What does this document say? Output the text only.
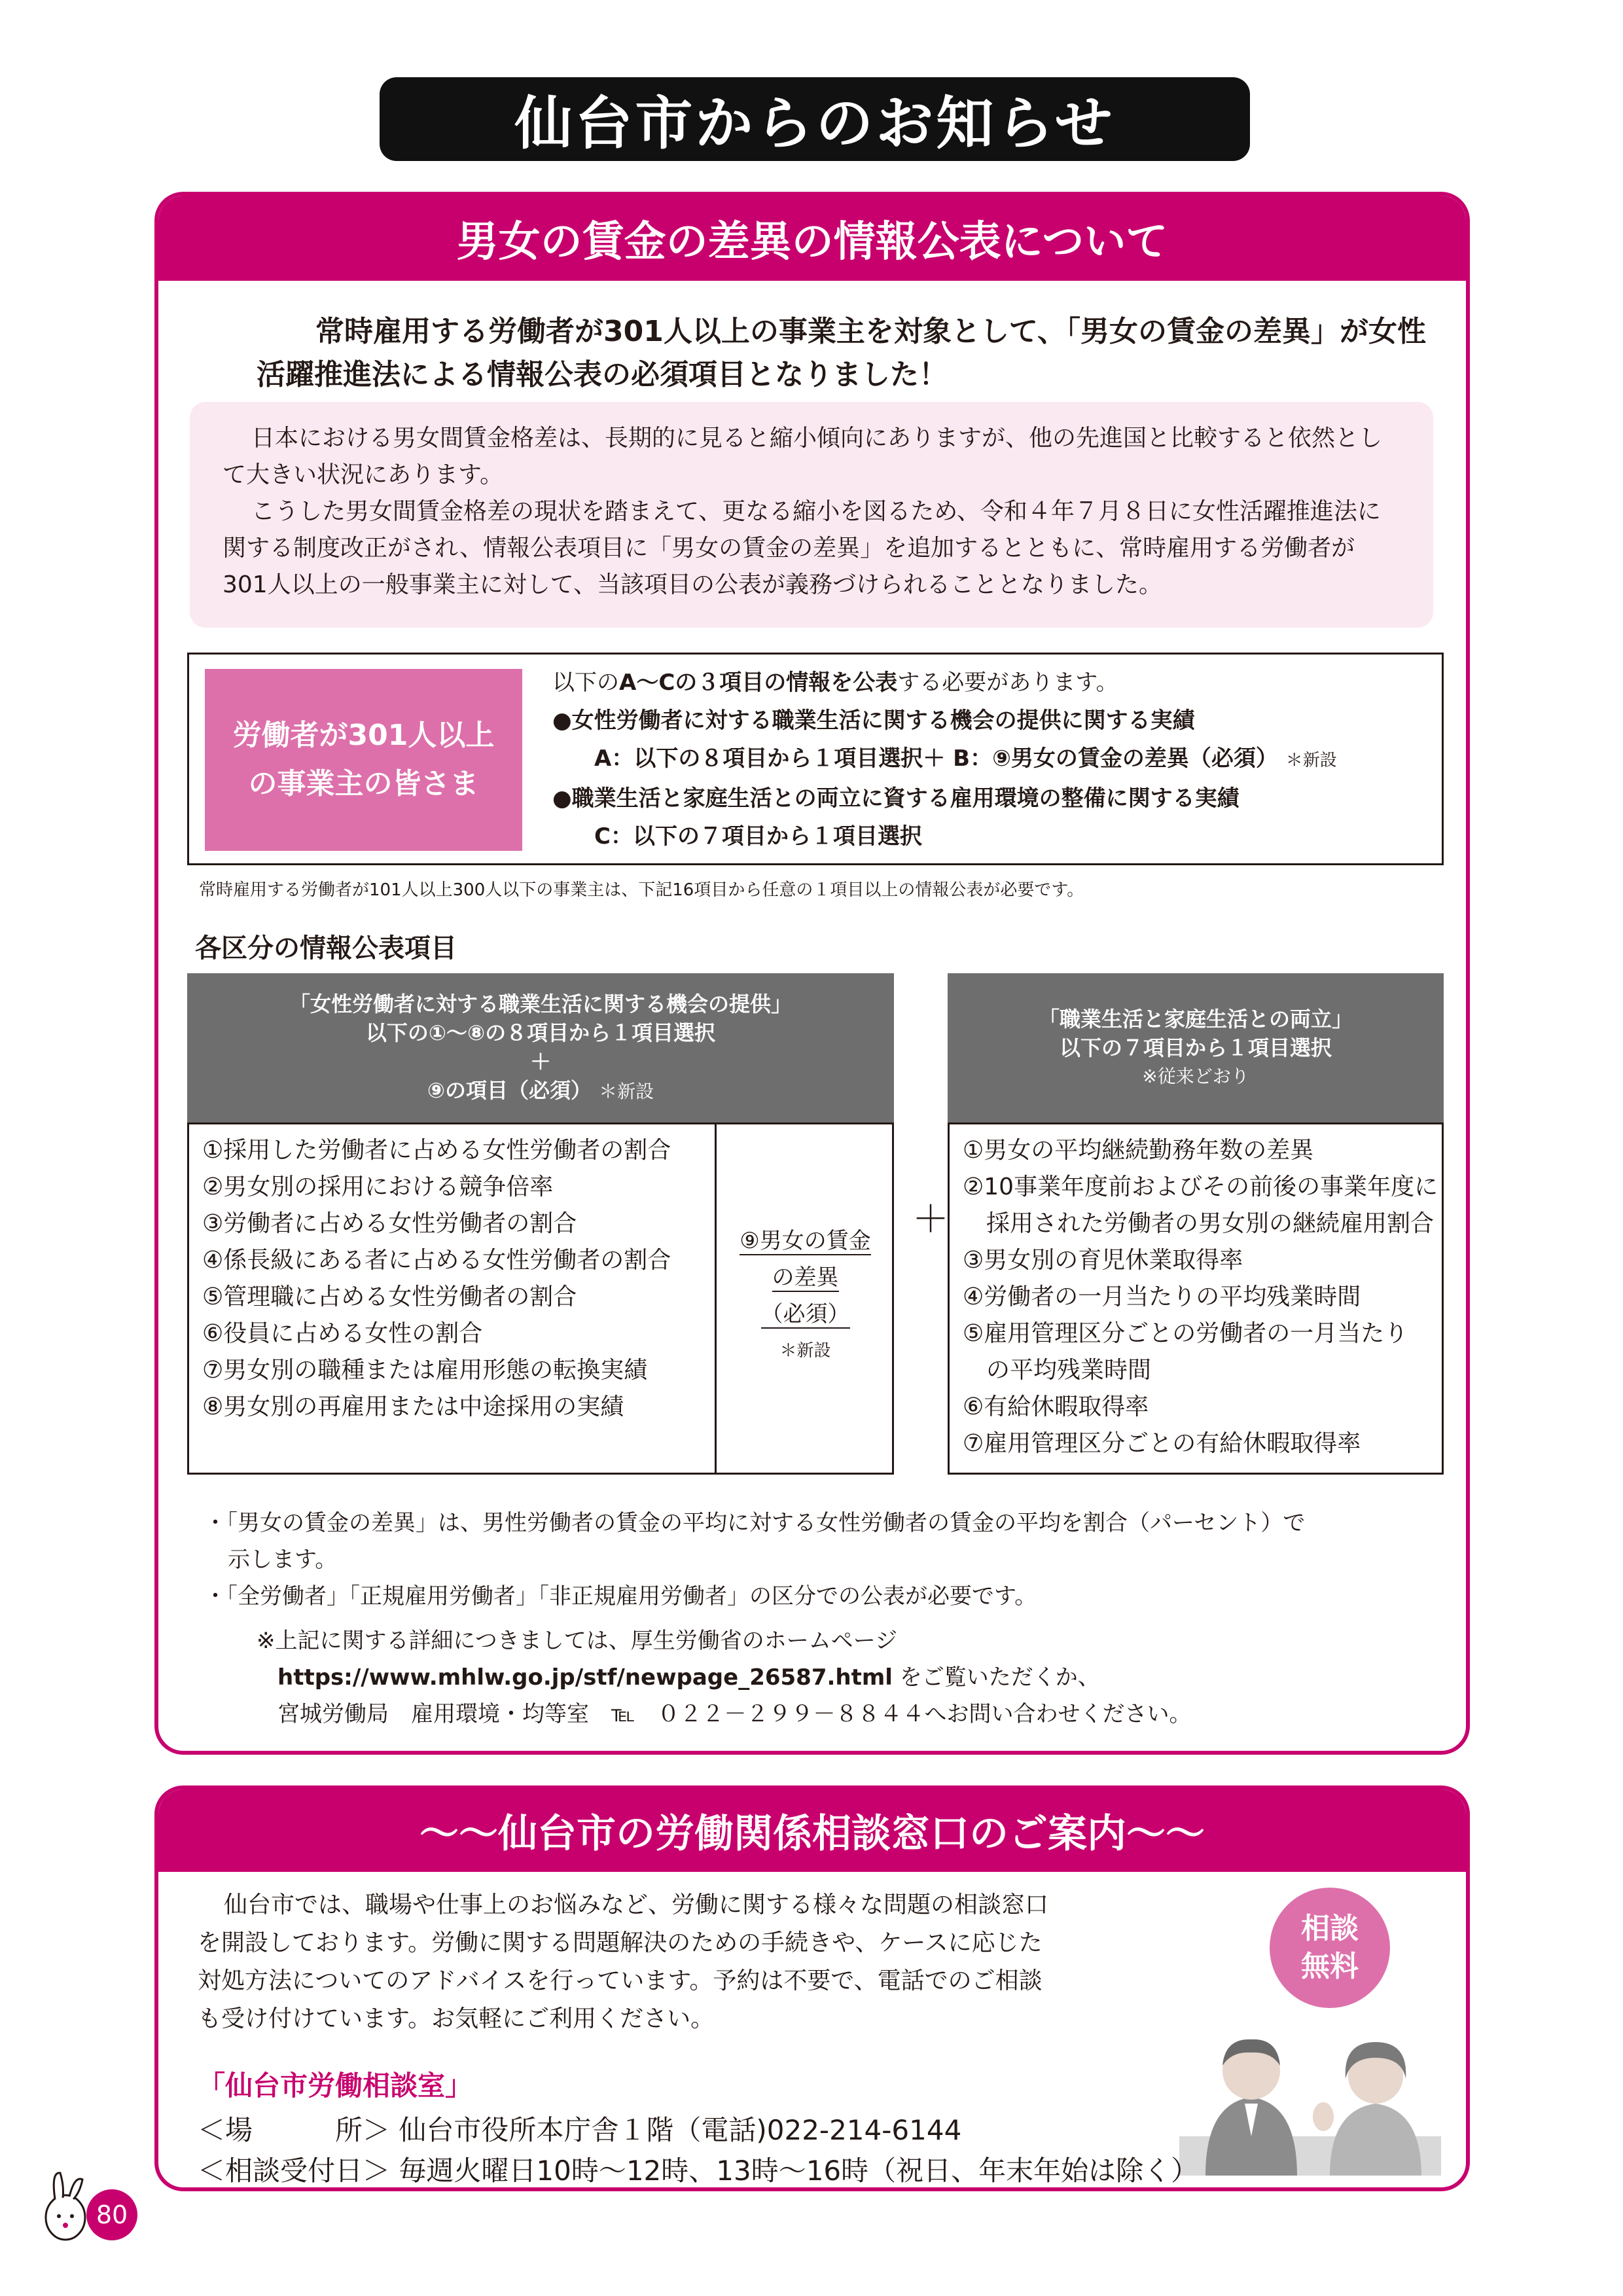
仙台市からのお知らせ
男女の賃金の差異の情報公表について
常時雇用する労働者が301人以上の事業主を対象として、「男女の賃金の差異」が女性活躍推進法による情報公表の必須項目となりました！

日本における男女間賃金格差は、長期的に見ると縮小傾向にありますが、他の先進国と比較すると依然として大きい状況にあります。

こうした男女間賃金格差の現状を踏まえて、更なる縮小を図るため、令和４年７月８日に女性活躍推進法に関する制度改正がされ、情報公表項目に「男女の賃金の差異」を追加するとともに、常時雇用する労働者が301人以上の一般事業主に対して、当該項目の公表が義務づけられることとなりました。

労働者が301人以上
の事業主の皆さま
以下のA～Cの３項目の情報を公表する必要があります。
●女性労働者に対する職業生活に関する機会の提供に関する実績
A：以下の８項目から１項目選択＋ B：⑨男女の賃金の差異（必須） ＊新設
●職業生活と家庭生活との両立に資する雇用環境の整備に関する実績
C：以下の７項目から１項目選択
常時雇用する労働者が101人以上300人以下の事業主は、下記16項目から任意の１項目以上の情報公表が必要です。
各区分の情報公表項目
「女性労働者に対する職業生活に関する機会の提供」
以下の①～⑧の８項目から１項目選択
＋
⑨の項目（必須） ＊新設
①採用した労働者に占める女性労働者の割合
②男女別の採用における競争倍率
③労働者に占める女性労働者の割合
④係長級にある者に占める女性労働者の割合
⑤管理職に占める女性労働者の割合
⑥役員に占める女性の割合
⑦男女別の職種または雇用形態の転換実績
⑧男女別の再雇用または中途採用の実績
⑨男女の賃金
の差異
（必須）
＊新設
＋
「職業生活と家庭生活との両立」
以下の７項目から１項目選択
※従来どおり
①男女の平均継続勤務年数の差異
②10事業年度前およびその前後の事業年度に
　採用された労働者の男女別の継続雇用割合
③男女別の育児休業取得率
④労働者の一月当たりの平均残業時間
⑤雇用管理区分ごとの労働者の一月当たり
　の平均残業時間
⑥有給休暇取得率
⑦雇用管理区分ごとの有給休暇取得率
・「男女の賃金の差異」は、男性労働者の賃金の平均に対する女性労働者の賃金の平均を割合（パーセント）で
示します。
・「全労働者」「正規雇用労働者」「非正規雇用労働者」の区分での公表が必要です。
※上記に関する詳細につきましては、厚生労働省のホームページ
https://www.mhlw.go.jp/stf/newpage_26587.html をご覧いただくか、
宮城労働局　雇用環境・均等室　℡　０２２－２９９－８８４４へお問い合わせください。
～～仙台市の労働関係相談窓口のご案内～～
仙台市では、職場や仕事上のお悩みなど、労働に関する様々な問題の相談窓口
を開設しております。労働に関する問題解決のための手続きや、ケースに応じた
対処方法についてのアドバイスを行っています。予約は不要で、電話でのご相談
も受け付けています。お気軽にご利用ください。
相談
無料
「仙台市労働相談室」
＜場　　　所＞ 仙台市役所本庁舎１階（電話)022-214-6144
＜相談受付日＞ 毎週火曜日10時～12時、13時～16時（祝日、年末年始は除く）
80
